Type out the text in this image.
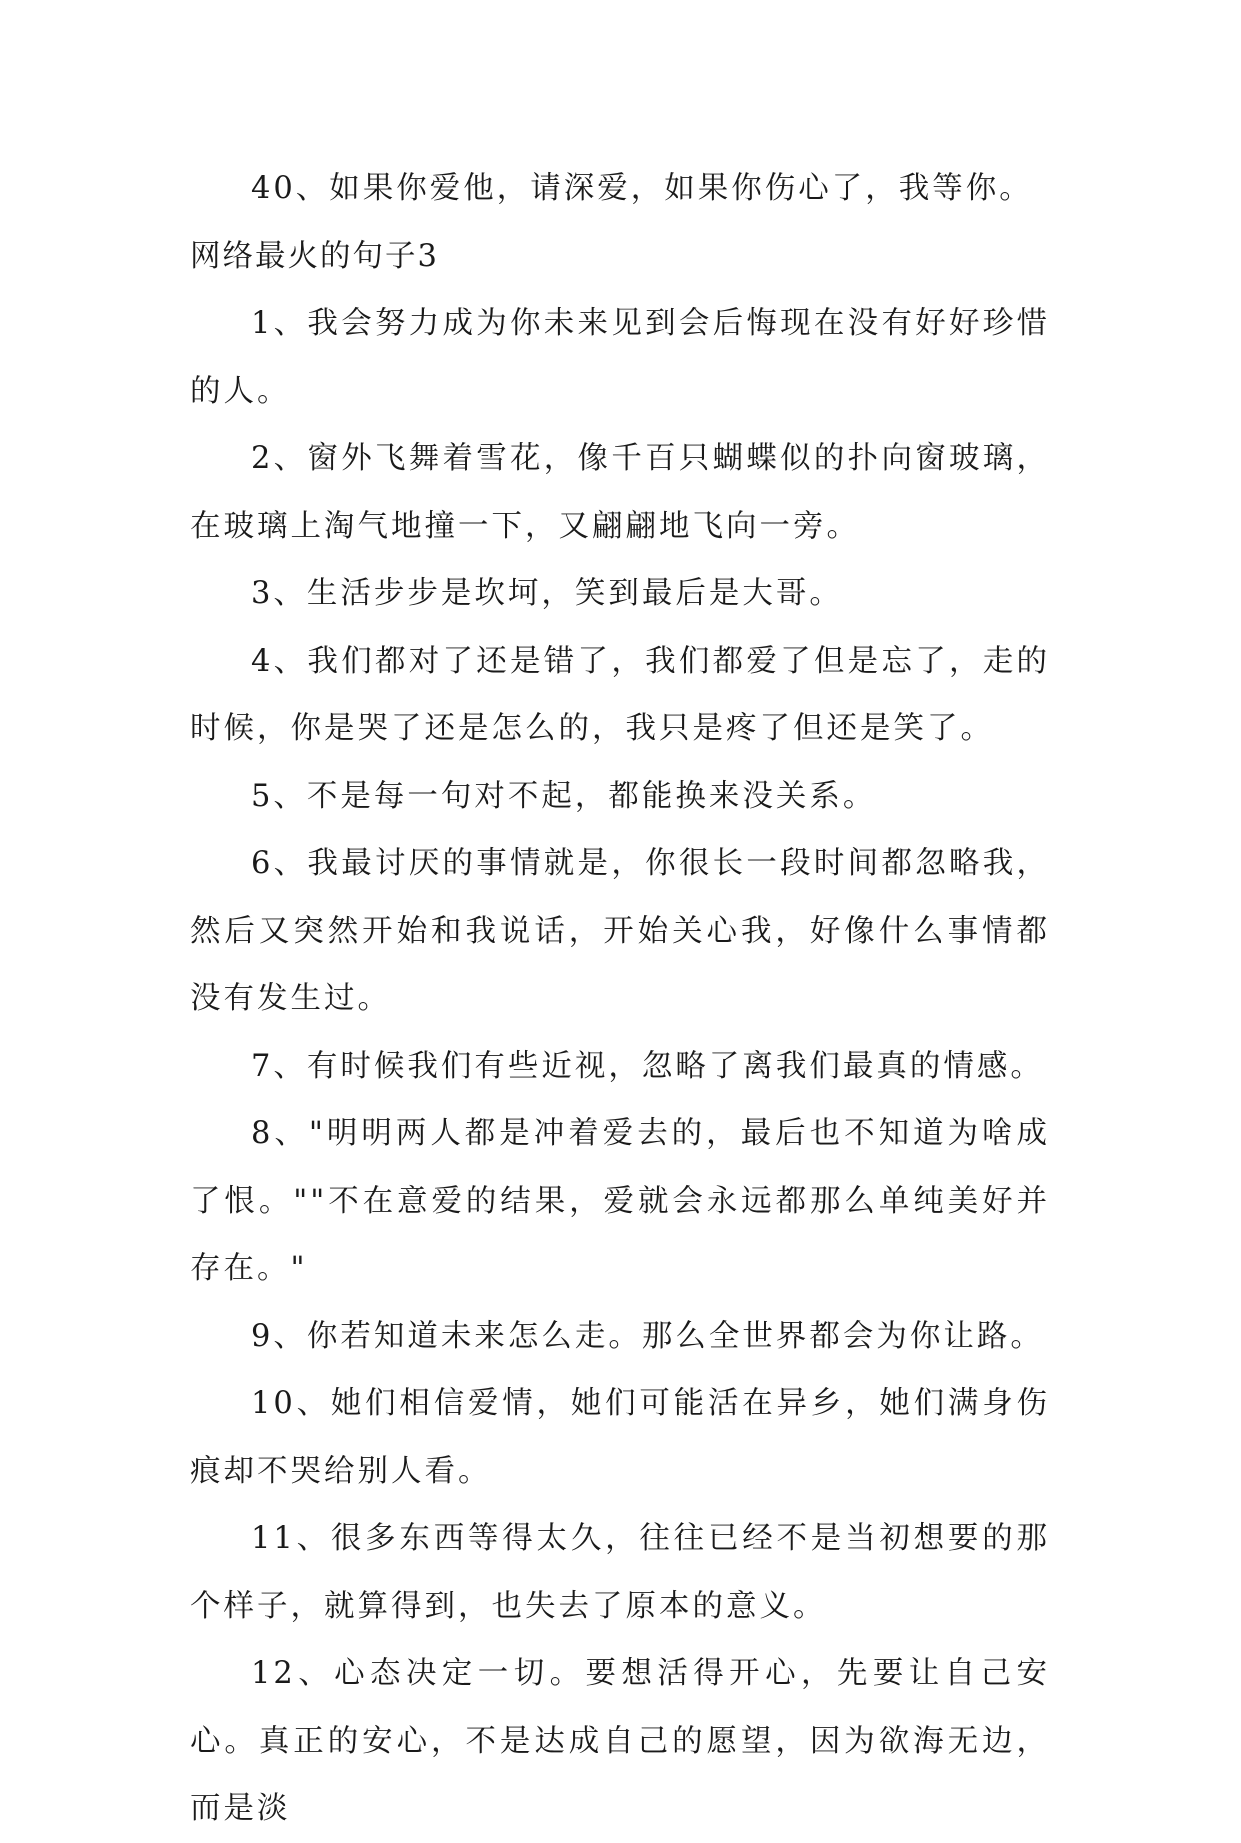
40、如果你爱他，请深爱，如果你伤心了，我等你。

网络最火的句子3

1、我会努力成为你未来见到会后悔现在没有好好珍惜的人。

2、窗外飞舞着雪花，像千百只蝴蝶似的扑向窗玻璃，在玻璃上淘气地撞一下，又翩翩地飞向一旁。

3、生活步步是坎坷，笑到最后是大哥。

4、我们都对了还是错了，我们都爱了但是忘了，走的时候，你是哭了还是怎么的，我只是疼了但还是笑了。

5、不是每一句对不起，都能换来没关系。

6、我最讨厌的事情就是，你很长一段时间都忽略我，然后又突然开始和我说话，开始关心我，好像什么事情都没有发生过。

7、有时候我们有些近视，忽略了离我们最真的情感。

8、"明明两人都是冲着爱去的，最后也不知道为啥成了恨。""不在意爱的结果，爱就会永远都那么单纯美好并存在。"

9、你若知道未来怎么走。那么全世界都会为你让路。

10、她们相信爱情，她们可能活在异乡，她们满身伤痕却不哭给别人看。

11、很多东西等得太久，往往已经不是当初想要的那个样子，就算得到，也失去了原本的意义。

12、心态决定一切。要想活得开心，先要让自己安心。真正的安心，不是达成自己的愿望，因为欲海无边，而是淡
